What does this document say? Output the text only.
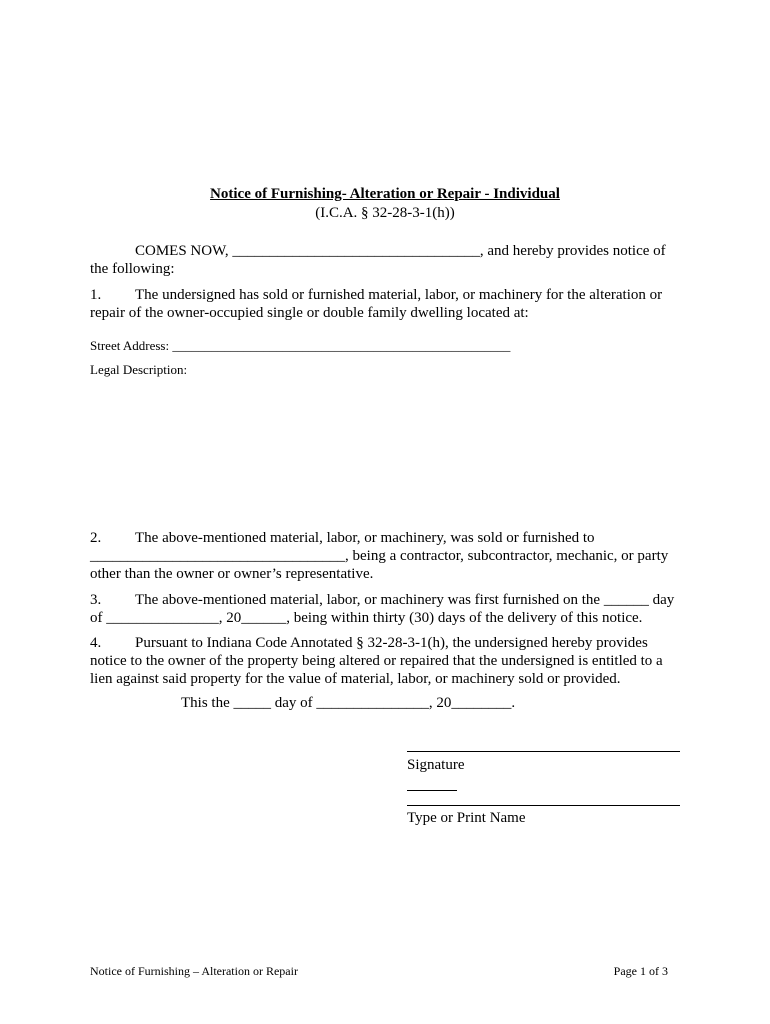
Notice of Furnishing- Alteration or Repair - Individual
(I.C.A. § 32-28-3-1(h))
COMES NOW, _________________________________, and hereby provides notice of
the following:
1. The undersigned has sold or furnished material, labor, or machinery for the alteration or
repair of the owner-occupied single or double family dwelling located at:
Street Address: ____________________________________________________
Legal Description:
2. The above-mentioned material, labor, or machinery, was sold or furnished to
__________________________________, being a contractor, subcontractor, mechanic, or party
other than the owner or owner’s representative.
3. The above-mentioned material, labor, or machinery was first furnished on the ______ day
of _______________, 20______, being within thirty (30) days of the delivery of this notice.
4. Pursuant to Indiana Code Annotated § 32-28-3-1(h), the undersigned hereby provides
notice to the owner of the property being altered or repaired that the undersigned is entitled to a
lien against said property for the value of material, labor, or machinery sold or provided.
This the _____ day of _______________, 20________.
Signature
Type or Print Name
Notice of Furnishing – Alteration or Repair	Page 1 of 3
